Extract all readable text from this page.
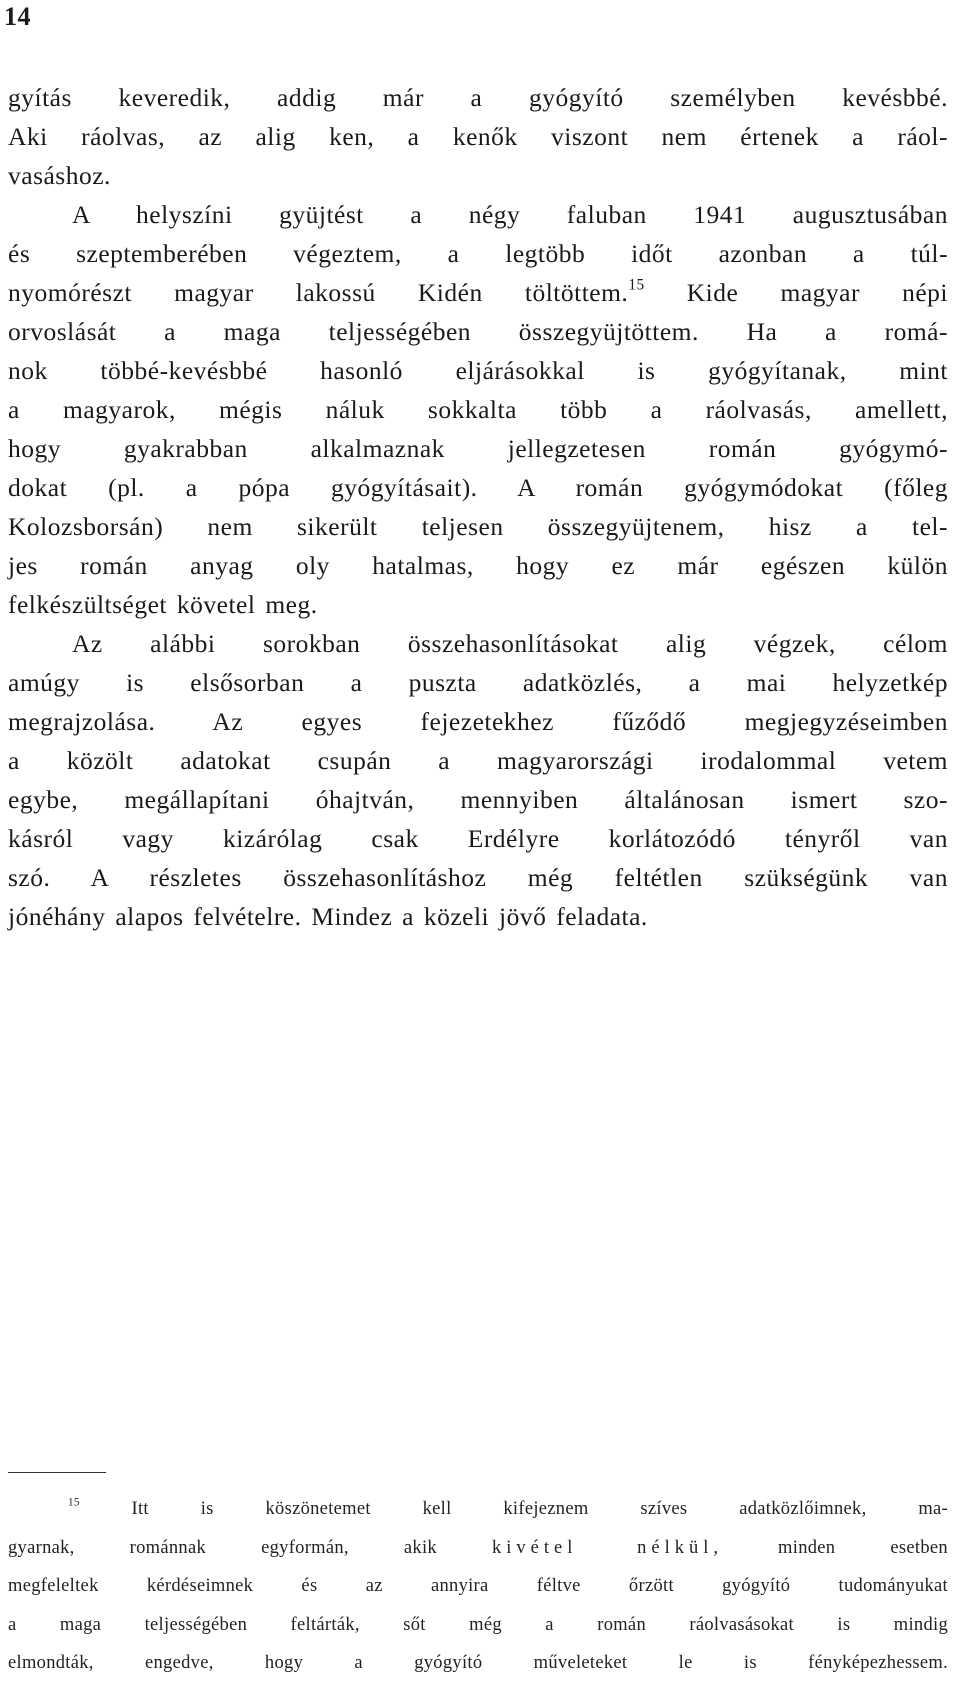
14
gyítás keveredik, addig már a gyógyító személyben kevésbbé.
Aki ráolvas, az alig ken, a kenők viszont nem értenek a ráol-
vasáshoz.
A helyszíni gyüjtést a négy faluban 1941 augusztusában
és szeptemberében végeztem, a legtöbb időt azonban a túl-
nyomórészt magyar lakossú Kidén töltöttem.$^{15}$ Kide magyar népi
orvoslását a maga teljességében összegyüjtöttem. Ha a romá-
nok többé-kevésbbé hasonló eljárásokkal is gyógyítanak, mint
a magyarok, mégis náluk sokkalta több a ráolvasás, amellett,
hogy gyakrabban alkalmaznak jellegzetesen román gyógymó-
dokat (pl. a pópa gyógyításait). A román gyógymódokat (főleg
Kolozsborsán) nem sikerült teljesen összegyüjtenem, hisz a tel-
jes román anyag oly hatalmas, hogy ez már egészen külön
felkészültséget követel meg.
Az alábbi sorokban összehasonlításokat alig végzek, célom
amúgy is elsősorban a puszta adatközlés, a mai helyzetkép
megrajzolása. Az egyes fejezetekhez fűződő megjegyzéseimben
a közölt adatokat csupán a magyarországi irodalommal vetem
egybe, megállapítani óhajtván, mennyiben általánosan ismert szo-
kásról vagy kizárólag csak Erdélyre korlátozódó tényről van
szó. A részletes összehasonlításhoz még feltétlen szükségünk van
jónéhány alapos felvételre. Mindez a közeli jövő feladata.
$^{15}$ Itt is köszönetemet kell kifejeznem szíves adatközlőimnek, ma-
gyarnak, románnak egyformán, akik kivétel nélkül, minden esetben
megfeleltek kérdéseimnek és az annyira féltve őrzött gyógyító tudományukat
a maga teljességében feltárták, sőt még a román ráolvasásokat is mindig
elmondták, engedve, hogy a gyógyító műveleteket le is fényképezhessem.
